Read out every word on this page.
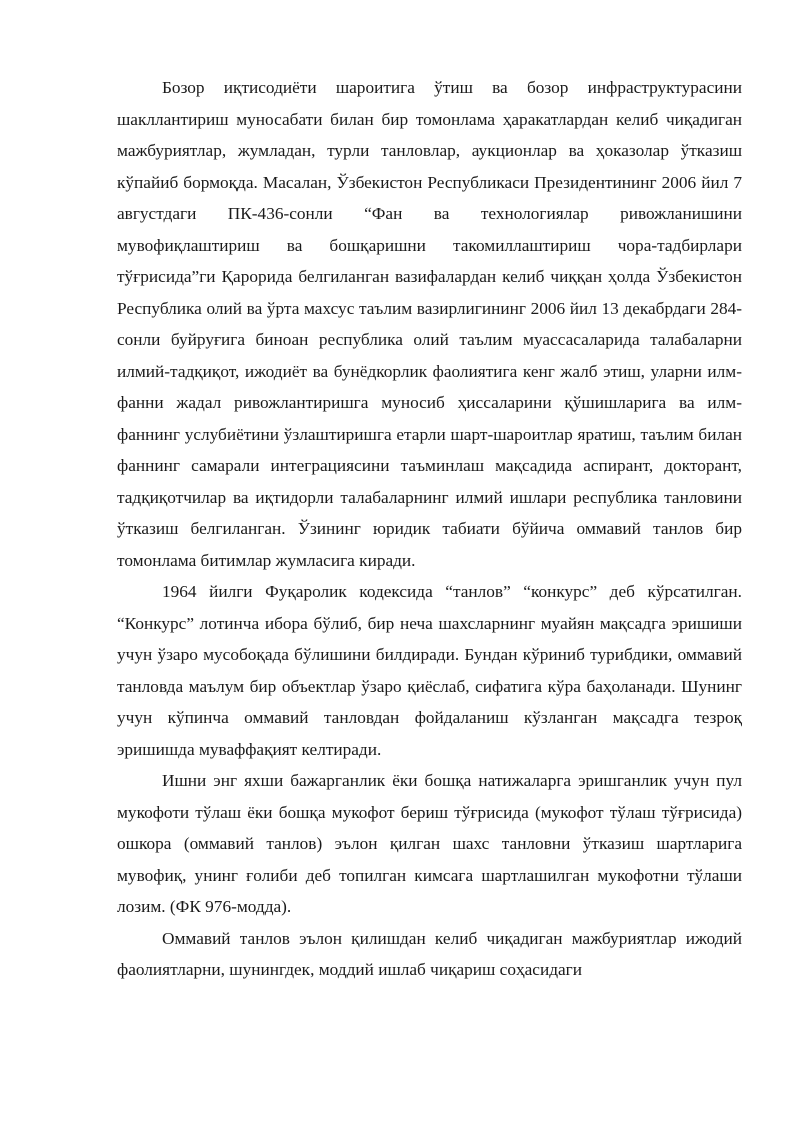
Бозор иқтисодиёти шароитига ўтиш ва бозор инфраструктурасини шакллантириш муносабати билан бир томонлама ҳаракатлардан келиб чиқадиган мажбуриятлар, жумладан, турли танловлар, аукционлар ва ҳоказолар ўтказиш кўпайиб бормоқда. Масалан, Ўзбекистон Республикаси Президентининг 2006 йил 7 августдаги ПК-436-сонли “Фан ва технологиялар ривожланишини мувофиқлаштириш ва бошқаришни такомиллаштириш чора-тадбирлари тўғрисида”ги Қарорида белгиланган вазифалардан келиб чиққан ҳолда Ўзбекистон Республика олий ва ўрта махсус таълим вазирлигининг 2006 йил 13 декабрдаги 284-сонли буйруғига биноан республика олий таълим муассасаларида талабаларни илмий-тадқиқот, ижодиёт ва бунёдкорлик фаолиятига кенг жалб этиш, уларни илм-фанни жадал ривожлантиришга муносиб ҳиссаларини қўшишларига ва илм-фаннинг услубиётини ўзлаштиришга етарли шарт-шароитлар яратиш, таълим билан фаннинг самарали интеграциясини таъминлаш мақсадида аспирант, докторант, тадқиқотчилар ва иқтидорли талабаларнинг илмий ишлари республика танловини ўтказиш белгиланган. Ўзининг юридик табиати бўйича оммавий танлов бир томонлама битимлар жумласига киради.

1964 йилги Фуқаролик кодексида “танлов” “конкурс” деб кўрсатилган. “Конкурс” лотинча ибора бўлиб, бир неча шахсларнинг муайян мақсадга эришиши учун ўзаро мусобоқада бўлишини билдиради. Бундан кўриниб турибдики, оммавий танловда маълум бир объектлар ўзаро қиёслаб, сифатига кўра баҳоланади. Шунинг учун кўпинча оммавий танловдан фойдаланиш кўзланган мақсадга тезроқ эришишда муваффақият келтиради.

Ишни энг яхши бажарганлик ёки бошқа натижаларга эришганлик учун пул мукофоти тўлаш ёки бошқа мукофот бериш тўғрисида (мукофот тўлаш тўғрисида) ошкора (оммавий танлов) эълон қилган шахс танловни ўтказиш шартларига мувофиқ, унинг ғолиби деб топилган кимсага шартлашилган мукофотни тўлаши лозим. (ФК 976-модда).

Оммавий танлов эълон қилишдан келиб чиқадиган мажбуриятлар ижодий фаолиятларни, шунингдек, моддий ишлаб чиқариш соҳасидаги
